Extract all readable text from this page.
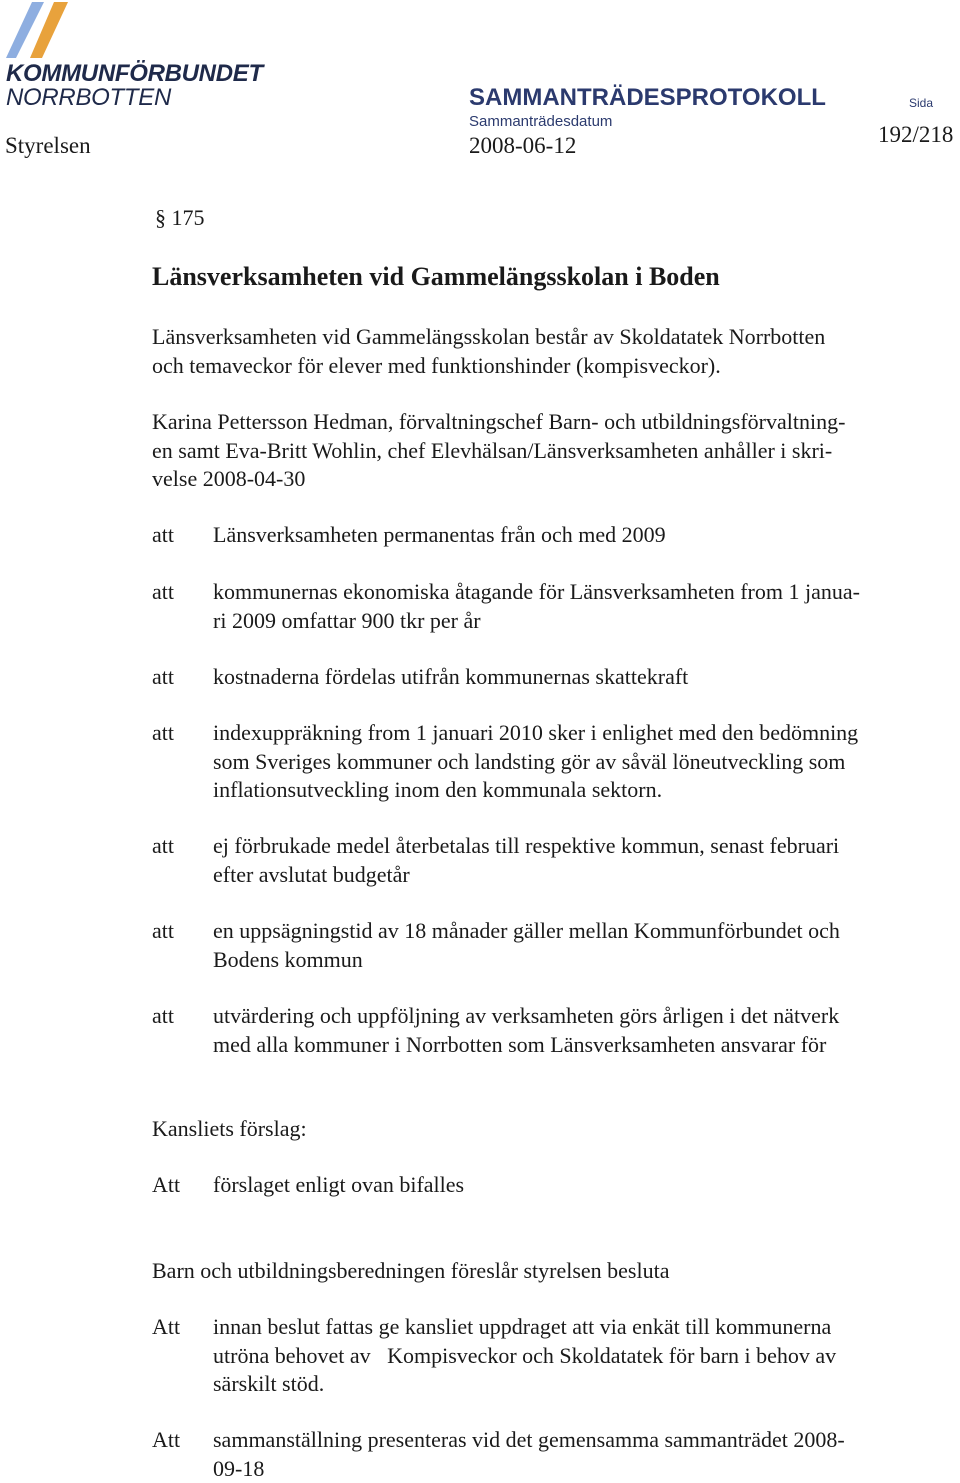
KOMMUNFÖRBUNDET
NORRBOTTEN
Styrelsen
SAMMANTRÄDESPROTOKOLL
Sammanträdesdatum
2008-06-12
Sida
192/218
§ 175
Länsverksamheten vid Gammelängsskolan i Boden
Länsverksamheten vid Gammelängsskolan består av Skoldatatek Norrbotten
och temaveckor för elever med funktionshinder (kompisveckor).
Karina Pettersson Hedman, förvaltningschef Barn- och utbildningsförvaltning-
en samt Eva-Britt Wohlin, chef Elevhälsan/Länsverksamheten anhåller i skri-
velse 2008-04-30
att Länsverksamheten permanentas från och med 2009
att kommunernas ekonomiska åtagande för Länsverksamheten from 1 janua-
ri 2009 omfattar 900 tkr per år
att kostnaderna fördelas utifrån kommunernas skattekraft
att indexuppräkning from 1 januari 2010 sker i enlighet med den bedömning
som Sveriges kommuner och landsting gör av såväl löneutveckling som
inflationsutveckling inom den kommunala sektorn.
att ej förbrukade medel återbetalas till respektive kommun, senast februari
efter avslutat budgetår
att en uppsägningstid av 18 månader gäller mellan Kommunförbundet och
Bodens kommun
att utvärdering och uppföljning av verksamheten görs årligen i det nätverk
med alla kommuner i Norrbotten som Länsverksamheten ansvarar för
Kansliets förslag:
Att förslaget enligt ovan bifalles
Barn och utbildningsberedningen föreslår styrelsen besluta
Att innan beslut fattas ge kansliet uppdraget att via enkät till kommunerna
utröna behovet av   Kompisveckor och Skoldatatek för barn i behov av
särskilt stöd.
Att sammanställning presenteras vid det gemensamma sammanträdet 2008-
09-18
